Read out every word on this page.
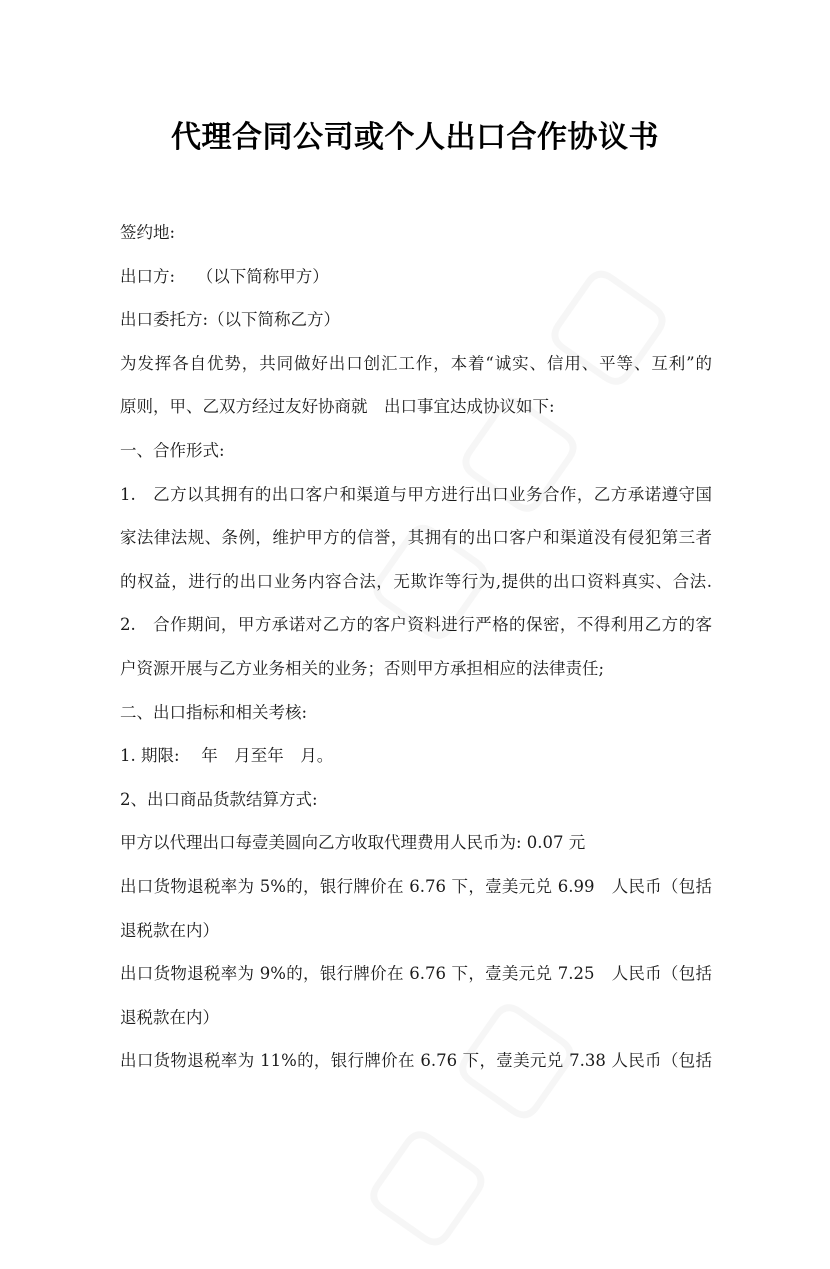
代理合同公司或个人出口合作协议书
签约地:
出口方:　 （以下简称甲方）
出口委托方:（以下简称乙方）
为发挥各自优势，共同做好出口创汇工作，本着“诚实、信用、平等、互利”的
原则，甲、乙双方经过友好协商就　出口事宜达成协议如下:
一、合作形式:
1.　乙方以其拥有的出口客户和渠道与甲方进行出口业务合作，乙方承诺遵守国
家法律法规、条例，维护甲方的信誉，其拥有的出口客户和渠道没有侵犯第三者
的权益，进行的出口业务内容合法，无欺诈等行为,提供的出口资料真实、合法.
2.　合作期间，甲方承诺对乙方的客户资料进行严格的保密，不得利用乙方的客
户资源开展与乙方业务相关的业务；否则甲方承担相应的法律责任;
二、出口指标和相关考核:
1. 期限:　 年　月至年　月。
2、出口商品货款结算方式:
甲方以代理出口每壹美圆向乙方收取代理费用人民币为: 0.07 元
出口货物退税率为 5%的，银行牌价在 6.76 下，壹美元兑 6.99　人民币（包括
退税款在内）
出口货物退税率为 9%的，银行牌价在 6.76 下，壹美元兑 7.25　人民币（包括
退税款在内）
出口货物退税率为 11%的，银行牌价在 6.76 下，壹美元兑 7.38 人民币（包括
